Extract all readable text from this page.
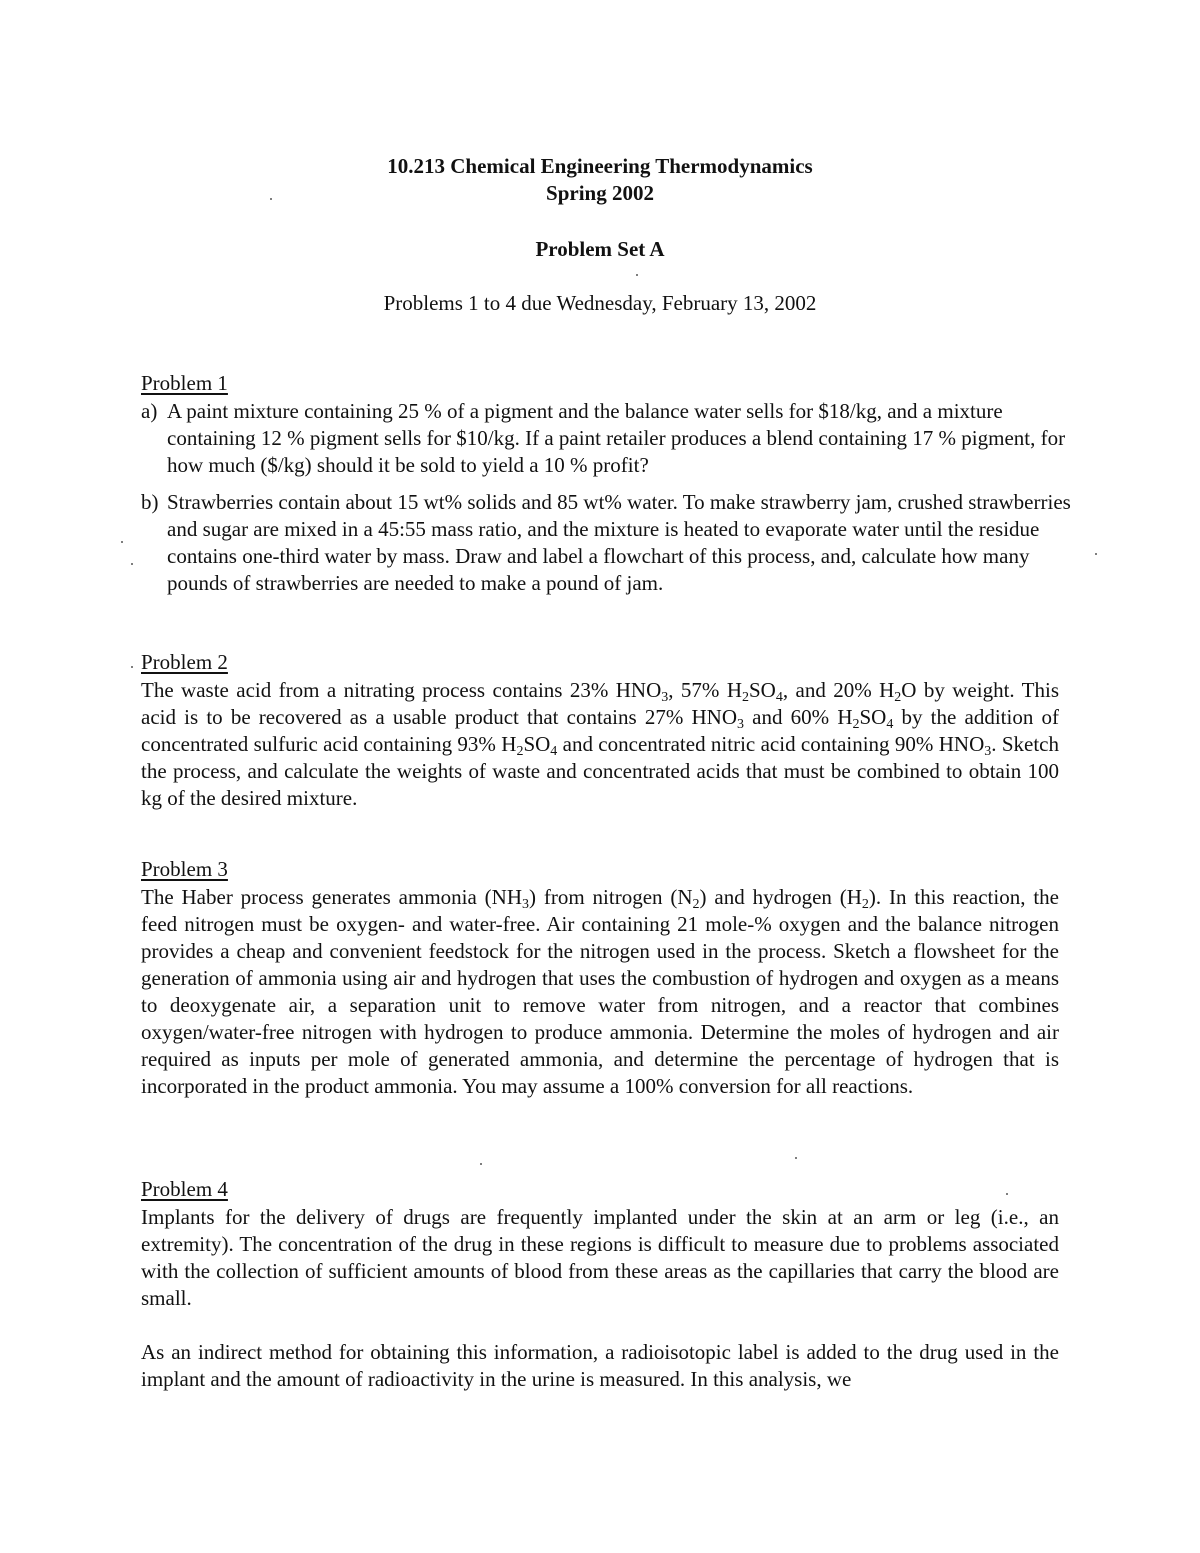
10.213 Chemical Engineering Thermodynamics
Spring 2002
Problem Set A
Problems 1 to 4 due Wednesday, February 13, 2002
Problem 1
a) A paint mixture containing 25 % of a pigment and the balance water sells for $18/kg, and a mixture containing 12 % pigment sells for $10/kg. If a paint retailer produces a blend containing 17 % pigment, for how much ($/kg) should it be sold to yield a 10 % profit?
b) Strawberries contain about 15 wt% solids and 85 wt% water. To make strawberry jam, crushed strawberries and sugar are mixed in a 45:55 mass ratio, and the mixture is heated to evaporate water until the residue contains one-third water by mass. Draw and label a flowchart of this process, and, calculate how many pounds of strawberries are needed to make a pound of jam.
Problem 2
The waste acid from a nitrating process contains 23% $HNO_3$, 57% $H_2SO_4$, and 20% $H_2O$ by weight. This acid is to be recovered as a usable product that contains 27% $HNO_3$ and 60% $H_2SO_4$ by the addition of concentrated sulfuric acid containing 93% $H_2SO_4$ and concentrated nitric acid containing 90% $HNO_3$. Sketch the process, and calculate the weights of waste and concentrated acids that must be combined to obtain 100 kg of the desired mixture.
Problem 3
The Haber process generates ammonia $(NH_3)$ from nitrogen $(N_2)$ and hydrogen $(H_2)$. In this reaction, the feed nitrogen must be oxygen- and water-free. Air containing 21 mole-% oxygen and the balance nitrogen provides a cheap and convenient feedstock for the nitrogen used in the process. Sketch a flowsheet for the generation of ammonia using air and hydrogen that uses the combustion of hydrogen and oxygen as a means to deoxygenate air, a separation unit to remove water from nitrogen, and a reactor that combines oxygen/water-free nitrogen with hydrogen to produce ammonia. Determine the moles of hydrogen and air required as inputs per mole of generated ammonia, and determine the percentage of hydrogen that is incorporated in the product ammonia. You may assume a 100% conversion for all reactions.
Problem 4
Implants for the delivery of drugs are frequently implanted under the skin at an arm or leg (i.e., an extremity). The concentration of the drug in these regions is difficult to measure due to problems associated with the collection of sufficient amounts of blood from these areas as the capillaries that carry the blood are small.
As an indirect method for obtaining this information, a radioisotopic label is added to the drug used in the implant and the amount of radioactivity in the urine is measured. In this analysis, we
